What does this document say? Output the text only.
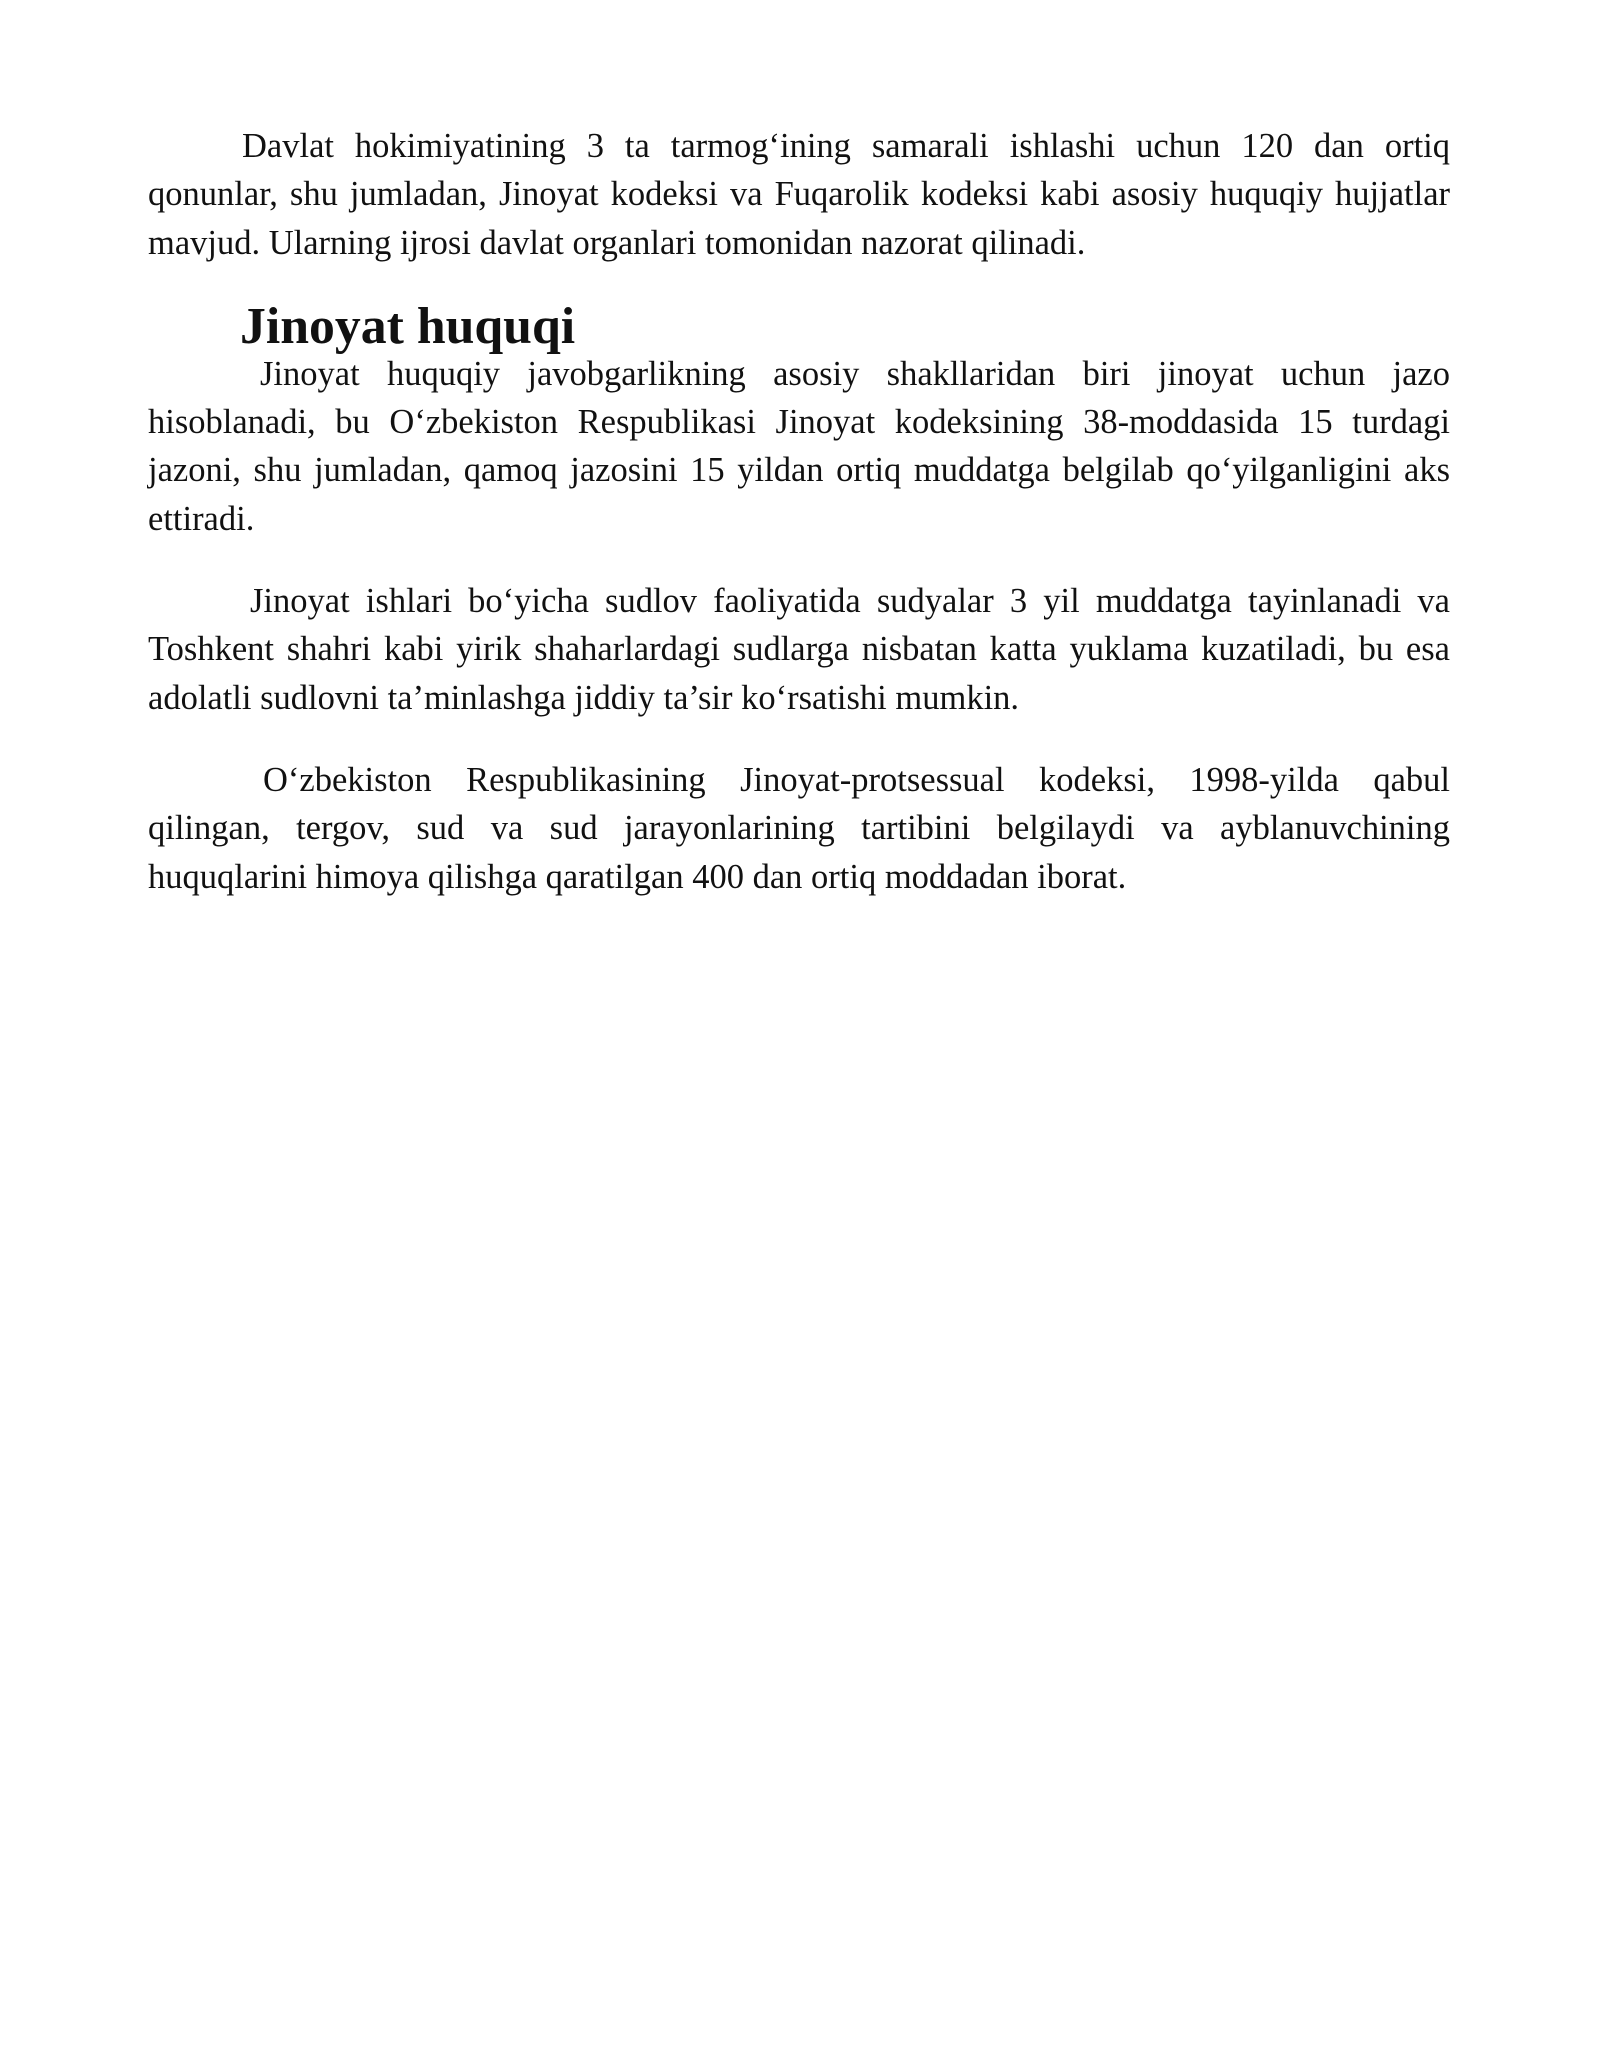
Davlat hokimiyatining 3 ta tarmog‘ining samarali ishlashi uchun 120 dan ortiq qonunlar, shu jumladan, Jinoyat kodeksi va Fuqarolik kodeksi kabi asosiy huquqiy hujjatlar mavjud. Ularning ijrosi davlat organlari tomonidan nazorat qilinadi.

Jinoyat huquqi

Jinoyat huquqiy javobgarlikning asosiy shakllaridan biri jinoyat uchun jazo hisoblanadi, bu O‘zbekiston Respublikasi Jinoyat kodeksining 38-moddasida 15 turdagi jazoni, shu jumladan, qamoq jazosini 15 yildan ortiq muddatga belgilab qo‘yilganligini aks ettiradi.

Jinoyat ishlari bo‘yicha sudlov faoliyatida sudyalar 3 yil muddatga tayinlanadi va Toshkent shahri kabi yirik shaharlardagi sudlarga nisbatan katta yuklama kuzatiladi, bu esa adolatli sudlovni ta’minlashga jiddiy ta’sir ko‘rsatishi mumkin.

O‘zbekiston Respublikasining Jinoyat-protsessual kodeksi, 1998-yilda qabul qilingan, tergov, sud va sud jarayonlarining tartibini belgilaydi va ayblanuvchining huquqlarini himoya qilishga qaratilgan 400 dan ortiq moddadan iborat.
